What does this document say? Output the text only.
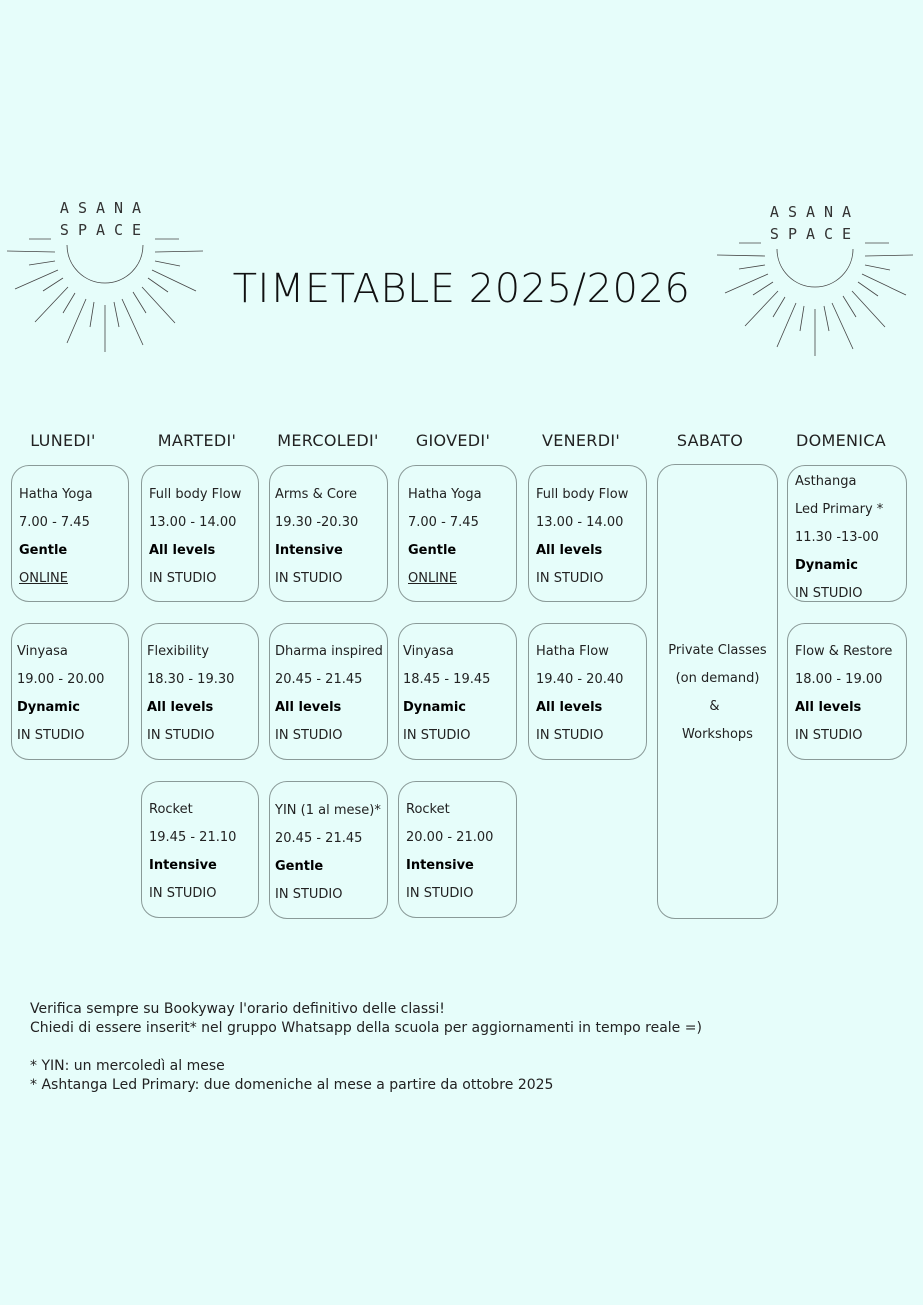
ASANA
SPACE
ASANA
SPACE
TIMETABLE 2025/2026
LUNEDI'	MARTEDI'	MERCOLEDI'	GIOVEDI'	VENERDI'	SABATO	DOMENICA
Hatha Yoga
7.00 - 7.45
Gentle
ONLINE
Vinyasa
19.00 - 20.00
Dynamic
IN STUDIO
Full body Flow
13.00 - 14.00
All levels
IN STUDIO
Flexibility
18.30 - 19.30
All levels
IN STUDIO
Rocket
19.45 - 21.10
Intensive
IN STUDIO
Arms & Core
19.30 -20.30
Intensive
IN STUDIO
Dharma inspired
20.45 - 21.45
All levels
IN STUDIO
YIN (1 al mese)*
20.45 - 21.45
Gentle
IN STUDIO
Hatha Yoga
7.00 - 7.45
Gentle
ONLINE
Vinyasa
18.45 - 19.45
Dynamic
IN STUDIO
Rocket
20.00 - 21.00
Intensive
IN STUDIO
Full body Flow
13.00 - 14.00
All levels
IN STUDIO
Hatha Flow
19.40 - 20.40
All levels
IN STUDIO
Private Classes
(on demand)
&
Workshops
Asthanga
Led Primary *
11.30 -13-00
Dynamic
IN STUDIO
Flow & Restore
18.00 - 19.00
All levels
IN STUDIO
Verifica sempre su Bookyway l'orario definitivo delle classi!
Chiedi di essere inserit* nel gruppo Whatsapp della scuola per aggiornamenti in tempo reale =)
* YIN: un mercoledì al mese
* Ashtanga Led Primary: due domeniche al mese a partire da ottobre 2025
